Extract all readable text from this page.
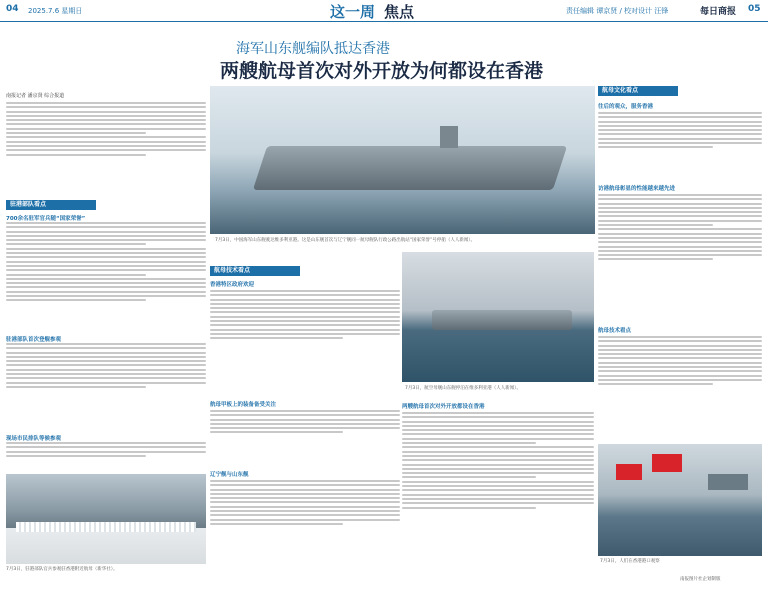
04 2025.7.6 星期日	这一周 焦点	责任编辑 谭京贤 / 校对设计 汪锋	每日商报 05
海军山东舰编队抵达香港
两艘航母首次对外开放为何都设在香港
7月3日，中国海军山东舰驶达维多利亚港。这是山东舰首次与辽宁舰同一航母舰队行政公路出航站“国家荣誉”号停船（人人新闻）。
南报记者 潘京贤 综合报道
驻港部队看点
700余名驻军官兵随“国家荣誉”
驻港部队首次登舰参观
现场市民排队等候参观
7月3日，驻港部队官兵参观驻香港附近航母（新华社）。
航母技术看点
香港特区政府欢迎
航母甲板上的装备备受关注
辽宁舰与山东舰
7月3日，航空母舰山东舰停泊在维多利亚港（人人新闻）。
两艘航母首次对外开放都设在香港
航母文化看点
往后的观众，服务香港
访港航母彰显的性能越来越先进
航母技术看点
7月3日，人们在香港港口观察
南报图片社企划制版
